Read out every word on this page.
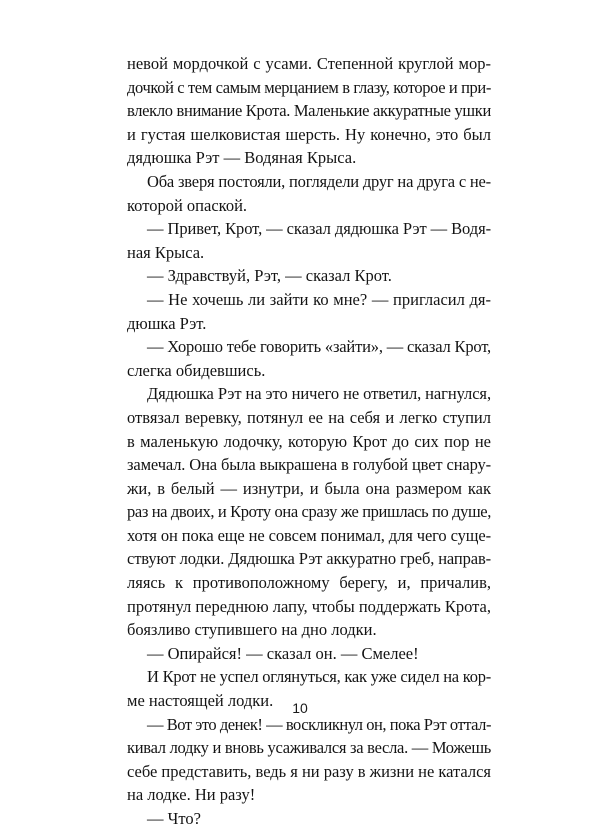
невой мордочкой с усами. Степенной круглой мор-
дочкой с тем самым мерцанием в глазу, которое и при-
влекло внимание Крота. Маленькие аккуратные ушки
и густая шелковистая шерсть. Ну конечно, это был
дядюшка Рэт — Водяная Крыса.
Оба зверя постояли, поглядели друг на друга с не-
которой опаской.
— Привет, Крот, — сказал дядюшка Рэт — Водя-
ная Крыса.
— Здравствуй, Рэт, — сказал Крот.
— Не хочешь ли зайти ко мне? — пригласил дя-
дюшка Рэт.
— Хорошо тебе говорить «зайти», — сказал Крот,
слегка обидевшись.
Дядюшка Рэт на это ничего не ответил, нагнулся,
отвязал веревку, потянул ее на себя и легко ступил
в маленькую лодочку, которую Крот до сих пор не
замечал. Она была выкрашена в голубой цвет снару-
жи, в белый — изнутри, и была она размером как
раз на двоих, и Кроту она сразу же пришлась по душе,
хотя он пока еще не совсем понимал, для чего суще-
ствуют лодки. Дядюшка Рэт аккуратно греб, направ-
ляясь к противоположному берегу, и, причалив,
протянул переднюю лапу, чтобы поддержать Крота,
боязливо ступившего на дно лодки.
— Опирайся! — сказал он. — Смелее!
И Крот не успел оглянуться, как уже сидел на кор-
ме настоящей лодки.
— Вот это денек! — воскликнул он, пока Рэт оттал-
кивал лодку и вновь усаживался за весла. — Можешь
себе представить, ведь я ни разу в жизни не катался
на лодке. Ни разу!
— Что?
10
